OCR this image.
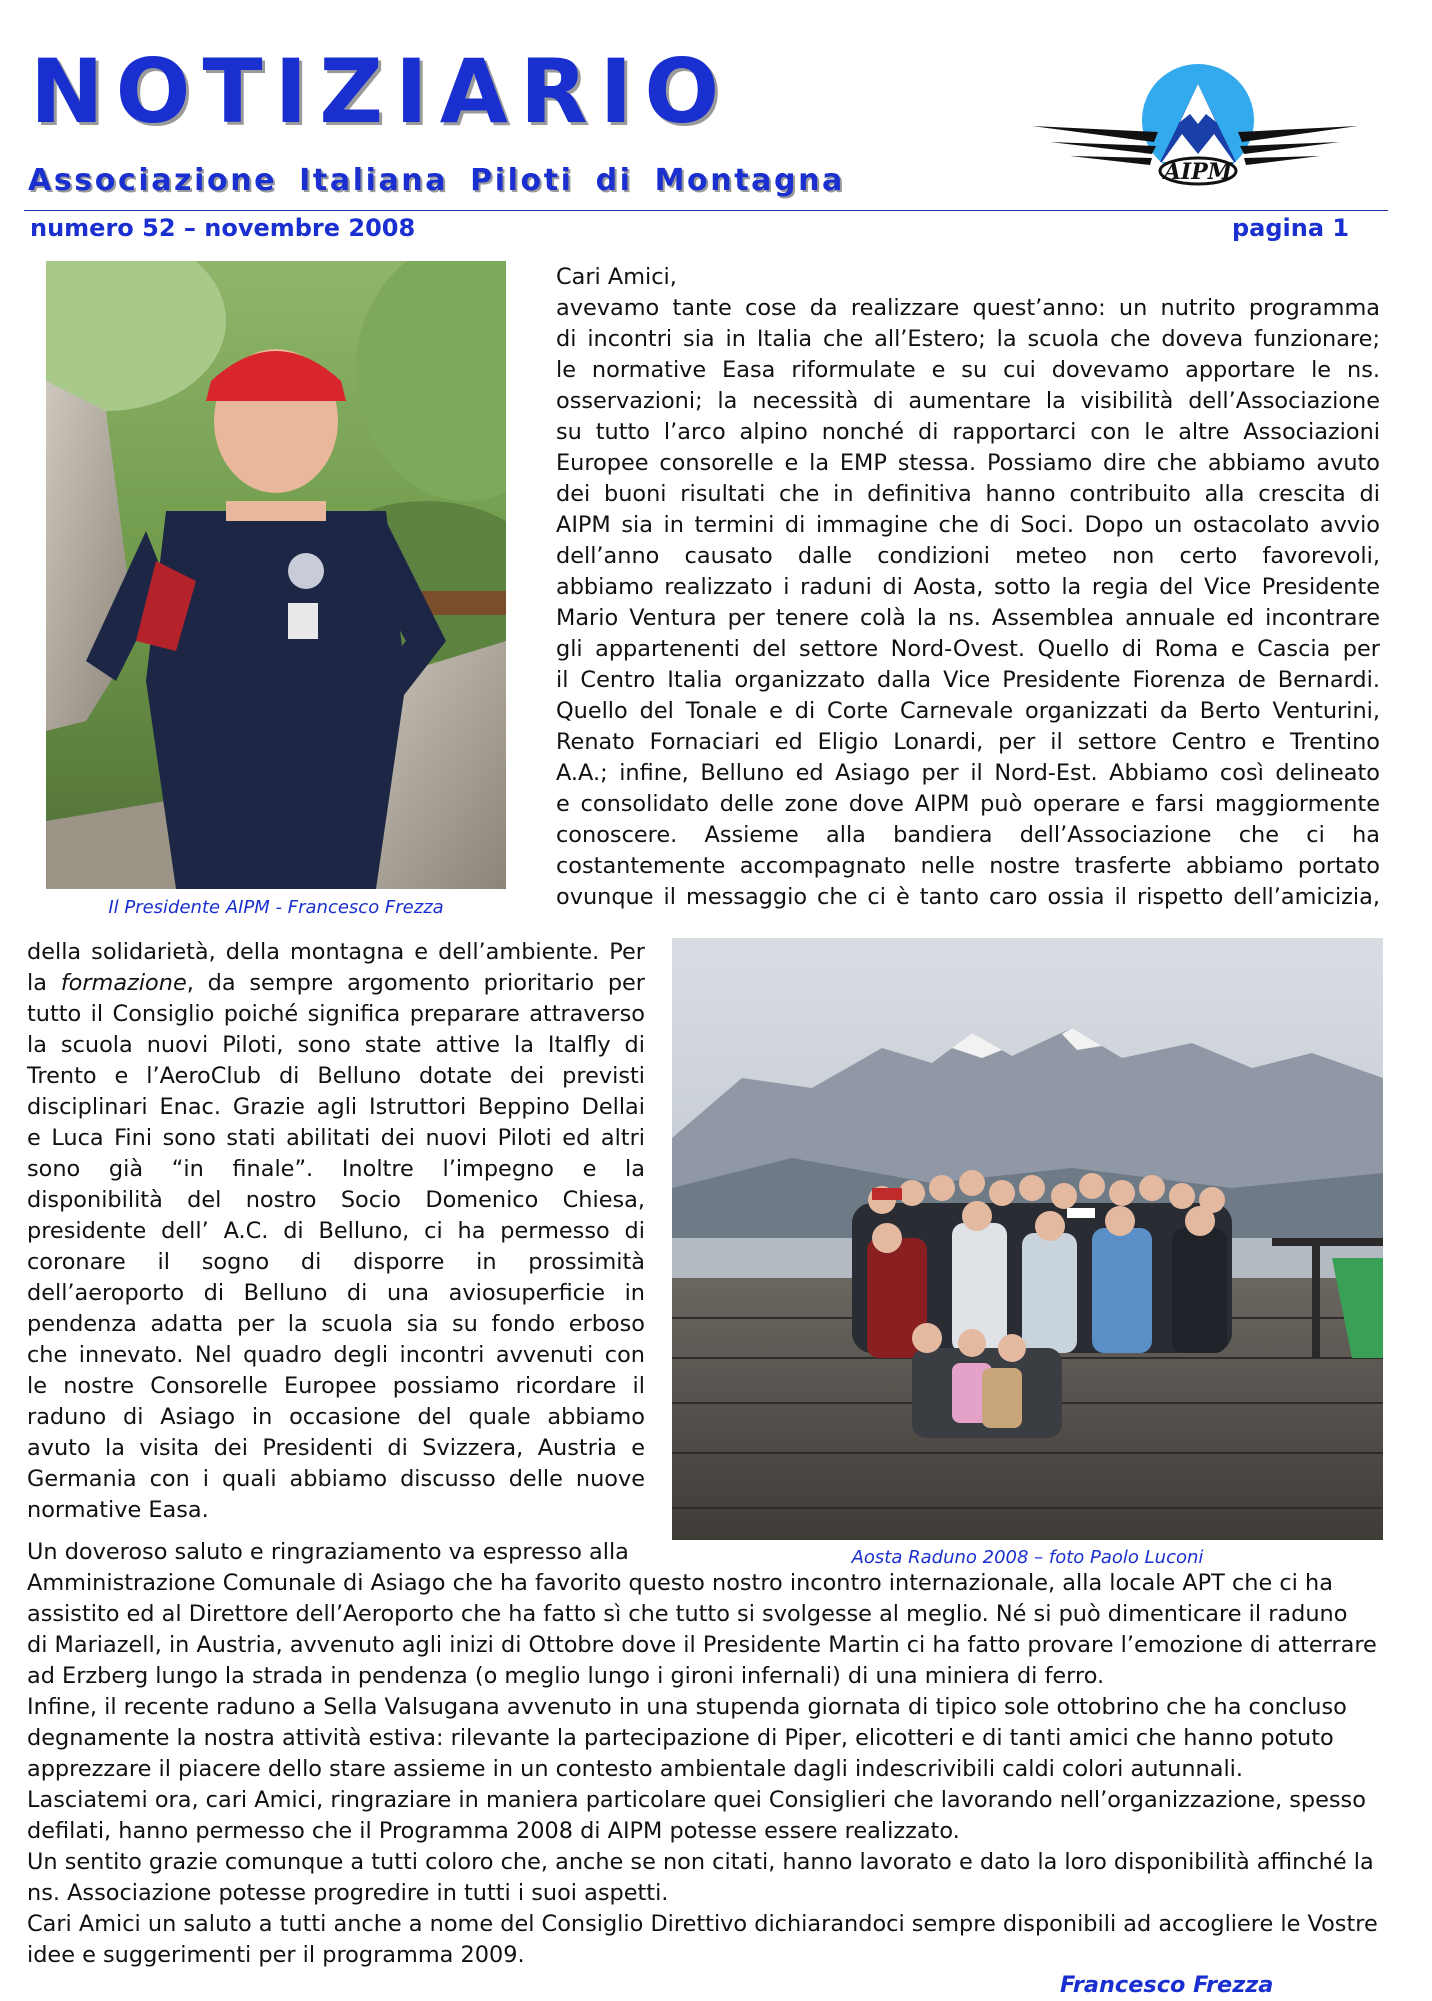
NOTIZIARIO
Associazione Italiana Piloti di Montagna	AIPM
numero 52 – novembre 2008	pagina 1
Il Presidente AIPM - Francesco Frezza

Cari Amici,

avevamo tante cose da realizzare quest’anno: un nutrito programma

di incontri sia in Italia che all’Estero; la scuola che doveva funzionare;

le normative Easa riformulate e su cui dovevamo apportare le ns.

osservazioni; la necessità di aumentare la visibilità dell’Associazione

su tutto l’arco alpino nonché di rapportarci con le altre Associazioni

Europee consorelle e la EMP stessa. Possiamo dire che abbiamo avuto

dei buoni risultati che in definitiva hanno contribuito alla crescita di

AIPM sia in termini di immagine che di Soci. Dopo un ostacolato avvio

dell’anno causato dalle condizioni meteo non certo favorevoli,

abbiamo realizzato i raduni di Aosta, sotto la regia del Vice Presidente

Mario Ventura per tenere colà la ns. Assemblea annuale ed incontrare

gli appartenenti del settore Nord-Ovest. Quello di Roma e Cascia per

il Centro Italia organizzato dalla Vice Presidente Fiorenza de Bernardi.

Quello del Tonale e di Corte Carnevale organizzati da Berto Venturini,

Renato Fornaciari ed Eligio Lonardi, per il settore Centro e Trentino

A.A.; infine, Belluno ed Asiago per il Nord-Est. Abbiamo così delineato

e consolidato delle zone dove AIPM può operare e farsi maggiormente

conoscere. Assieme alla bandiera dell’Associazione che ci ha

costantemente accompagnato nelle nostre trasferte abbiamo portato

ovunque il messaggio che ci è tanto caro ossia il rispetto dell’amicizia,

Aosta Raduno 2008 – foto Paolo Luconi

della solidarietà, della montagna e dell’ambiente. Per

la formazione, da sempre argomento prioritario per

tutto il Consiglio poiché significa preparare attraverso

la scuola nuovi Piloti, sono state attive la Italfly di

Trento e l’AeroClub di Belluno dotate dei previsti

disciplinari Enac. Grazie agli Istruttori Beppino Dellai

e Luca Fini sono stati abilitati dei nuovi Piloti ed altri

sono già “in finale”. Inoltre l’impegno e la

disponibilità del nostro Socio Domenico Chiesa,

presidente dell’ A.C. di Belluno, ci ha permesso di

coronare il sogno di disporre in prossimità

dell’aeroporto di Belluno di una aviosuperficie in

pendenza adatta per la scuola sia su fondo erboso

che innevato. Nel quadro degli incontri avvenuti con

le nostre Consorelle Europee possiamo ricordare il

raduno di Asiago in occasione del quale abbiamo

avuto la visita dei Presidenti di Svizzera, Austria e

Germania con i quali abbiamo discusso delle nuove

normative Easa.

Un doveroso saluto e ringraziamento va espresso alla

Amministrazione Comunale di Asiago che ha favorito questo nostro incontro internazionale, alla locale APT che ci ha

assistito ed al Direttore dell’Aeroporto che ha fatto sì che tutto si svolgesse al meglio. Né si può dimenticare il raduno

di Mariazell, in Austria, avvenuto agli inizi di Ottobre dove il Presidente Martin ci ha fatto provare l’emozione di atterrare

ad Erzberg lungo la strada in pendenza (o meglio lungo i gironi infernali) di una miniera di ferro.

Infine, il recente raduno a Sella Valsugana avvenuto in una stupenda giornata di tipico sole ottobrino che ha concluso

degnamente la nostra attività estiva: rilevante la partecipazione di Piper, elicotteri e di tanti amici che hanno potuto

apprezzare il piacere dello stare assieme in un contesto ambientale dagli indescrivibili caldi colori autunnali.

Lasciatemi ora, cari Amici, ringraziare in maniera particolare quei Consiglieri che lavorando nell’organizzazione, spesso

defilati, hanno permesso che il Programma 2008 di AIPM potesse essere realizzato.

Un sentito grazie comunque a tutti coloro che, anche se non citati, hanno lavorato e dato la loro disponibilità affinché la

ns. Associazione potesse progredire in tutti i suoi aspetti.

Cari Amici un saluto a tutti anche a nome del Consiglio Direttivo dichiarandoci sempre disponibili ad accogliere le Vostre

idee e suggerimenti per il programma 2009.

Francesco Frezza
